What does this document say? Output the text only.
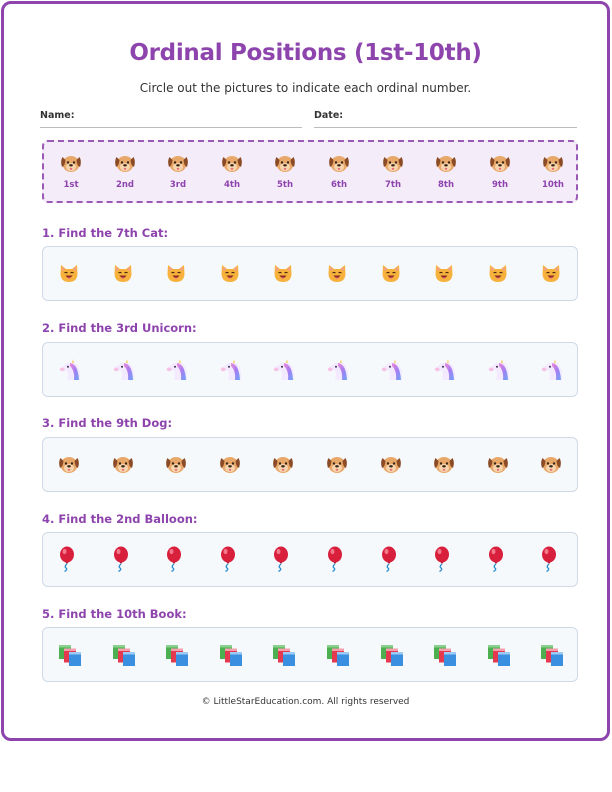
Ordinal Positions (1st-10th)
Circle out the pictures to indicate each ordinal number.
Name:	Date:
1st	2nd	3rd	4th	5th	6th	7th	8th	9th	10th
1. Find the 7th Cat:
2. Find the 3rd Unicorn:
3. Find the 9th Dog:
4. Find the 2nd Balloon:
5. Find the 10th Book:
© LittleStarEducation.com. All rights reserved
